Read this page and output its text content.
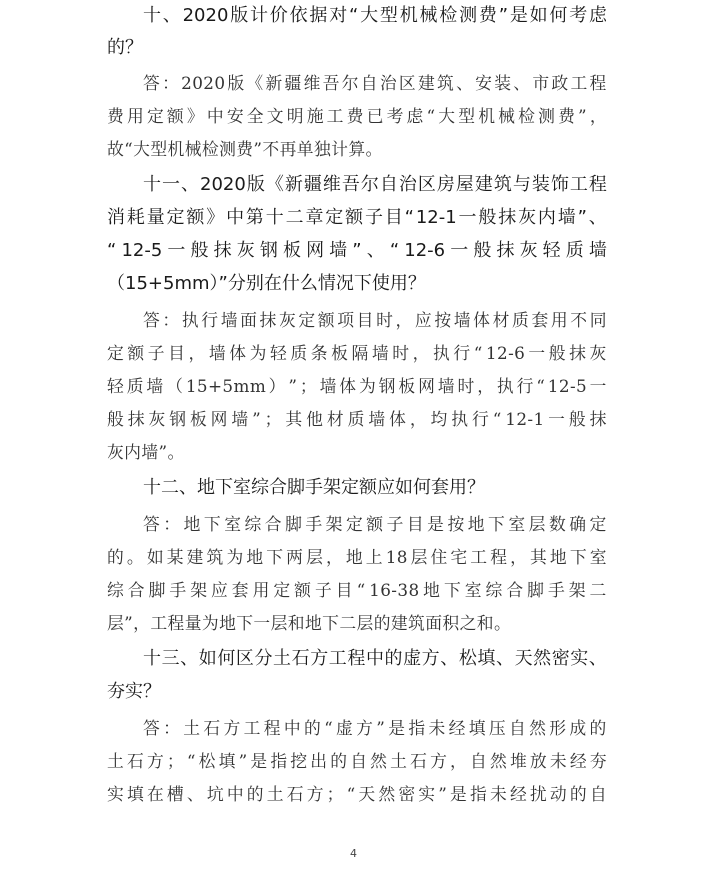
十 、 2020 版 计 价 依 据 对 “ 大 型 机 械 检 测 费 ” 是 如 何 考 虑
的？
答 ： 2020 版 《 新 疆 维 吾 尔 自 治 区 建 筑 、 安 装 、 市 政 工 程
费 用 定 额 》 中 安 全 文 明 施 工 费 已 考 虑 “ 大 型 机 械 检 测 费 ” ，
故“大型机械检测费”不再单独计算。
十 一 、 2020 版 《 新 疆 维 吾 尔 自 治 区 房 屋 建 筑 与 装 饰 工 程
消 耗 量 定 额 》 中 第 十 二 章 定 额 子 目 “ 12-1 一 般 抹 灰 内 墙 ” 、
“ 12-5 一 般 抹 灰 钢 板 网 墙 ” 、 “ 12-6 一 般 抹 灰 轻 质 墙
（15+5mm）”分别在什么情况下使用？
答 ： 执 行 墙 面 抹 灰 定 额 项 目 时 ， 应 按 墙 体 材 质 套 用 不 同
定 额 子 目 ， 墙 体 为 轻 质 条 板 隔 墙 时 ， 执 行 “ 12-6 一 般 抹 灰
轻 质 墙 （ 15+5mm ） ” ； 墙 体 为 钢 板 网 墙 时 ， 执 行 “ 12-5 一
般 抹 灰 钢 板 网 墙 ” ； 其 他 材 质 墙 体 ， 均 执 行 “ 12-1 一 般 抹
灰内墙”。
十二、地下室综合脚手架定额应如何套用？
答 ： 地 下 室 综 合 脚 手 架 定 额 子 目 是 按 地 下 室 层 数 确 定
的 。 如 某 建 筑 为 地 下 两 层 ， 地 上 18 层 住 宅 工 程 ， 其 地 下 室
综 合 脚 手 架 应 套 用 定 额 子 目 “ 16-38 地 下 室 综 合 脚 手 架 二
层”，工程量为地下一层和地下二层的建筑面积之和。
十 三 、 如 何 区 分 土 石 方 工 程 中 的 虚 方 、 松 填 、 天 然 密 实 、
夯实？
答 ： 土 石 方 工 程 中 的 “ 虚 方 ” 是 指 未 经 填 压 自 然 形 成 的
土 石 方 ； “ 松 填 ” 是 指 挖 出 的 自 然 土 石 方 ， 自 然 堆 放 未 经 夯
实 填 在 槽 、 坑 中 的 土 石 方 ； “ 天 然 密 实 ” 是 指 未 经 扰 动 的 自
4
